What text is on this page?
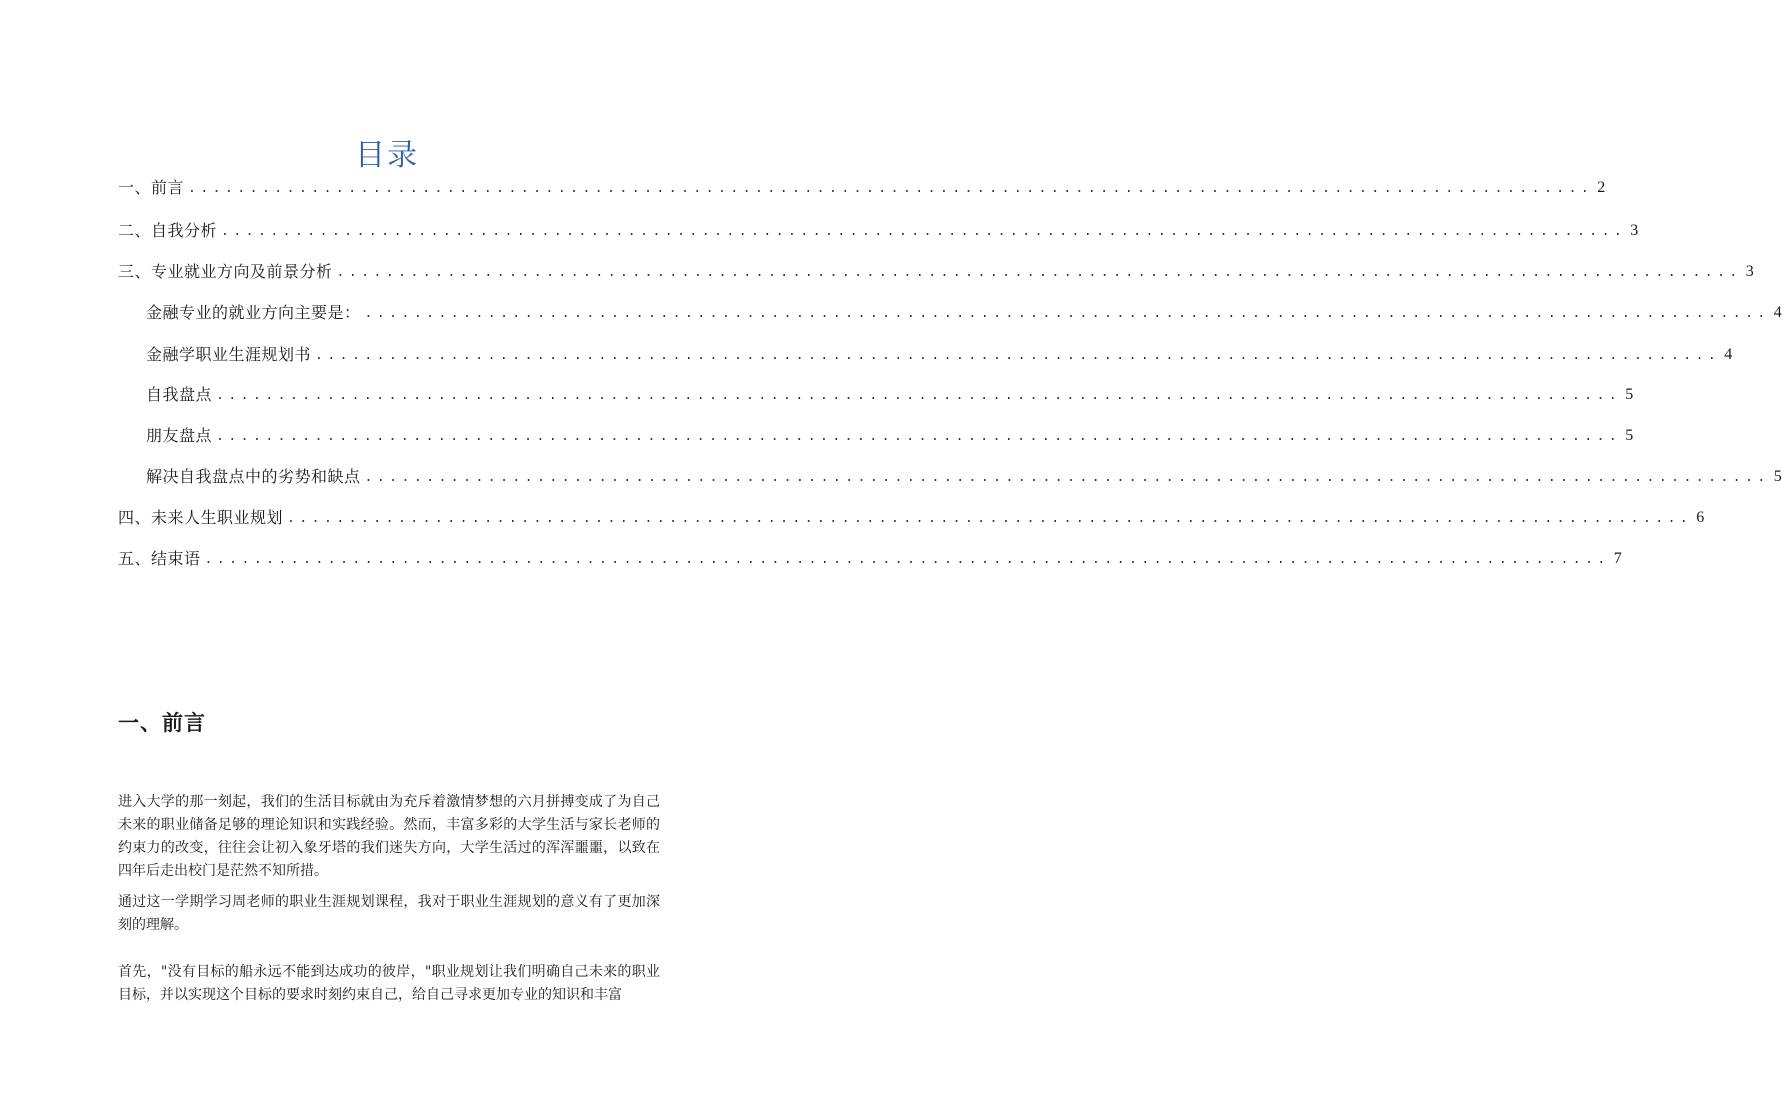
目录
一、前言 .................................................................................................................. 2
二、自我分析 .................................................................................................................. 3
三、专业就业方向及前景分析 .................................................................................................................. 3
金融专业的就业方向主要是： .................................................................................................................. 4
金融学职业生涯规划书 .................................................................................................................. 4
自我盘点 .................................................................................................................. 5
朋友盘点 .................................................................................................................. 5
解决自我盘点中的劣势和缺点 .................................................................................................................. 5
四、未来人生职业规划 .................................................................................................................. 6
五、结束语 .................................................................................................................. 7
一、前言

进入大学的那一刻起，我们的生活目标就由为充斥着激情梦想的六月拼搏变成了为自己未来的职业储备足够的理论知识和实践经验。然而，丰富多彩的大学生活与家长老师的约束力的改变，往往会让初入象牙塔的我们迷失方向，大学生活过的浑浑噩噩，以致在四年后走出校门是茫然不知所措。

通过这一学期学习周老师的职业生涯规划课程，我对于职业生涯规划的意义有了更加深刻的理解。

首先，"没有目标的船永远不能到达成功的彼岸，"职业规划让我们明确自己未来的职业目标，并以实现这个目标的要求时刻约束自己，给自己寻求更加专业的知识和丰富
